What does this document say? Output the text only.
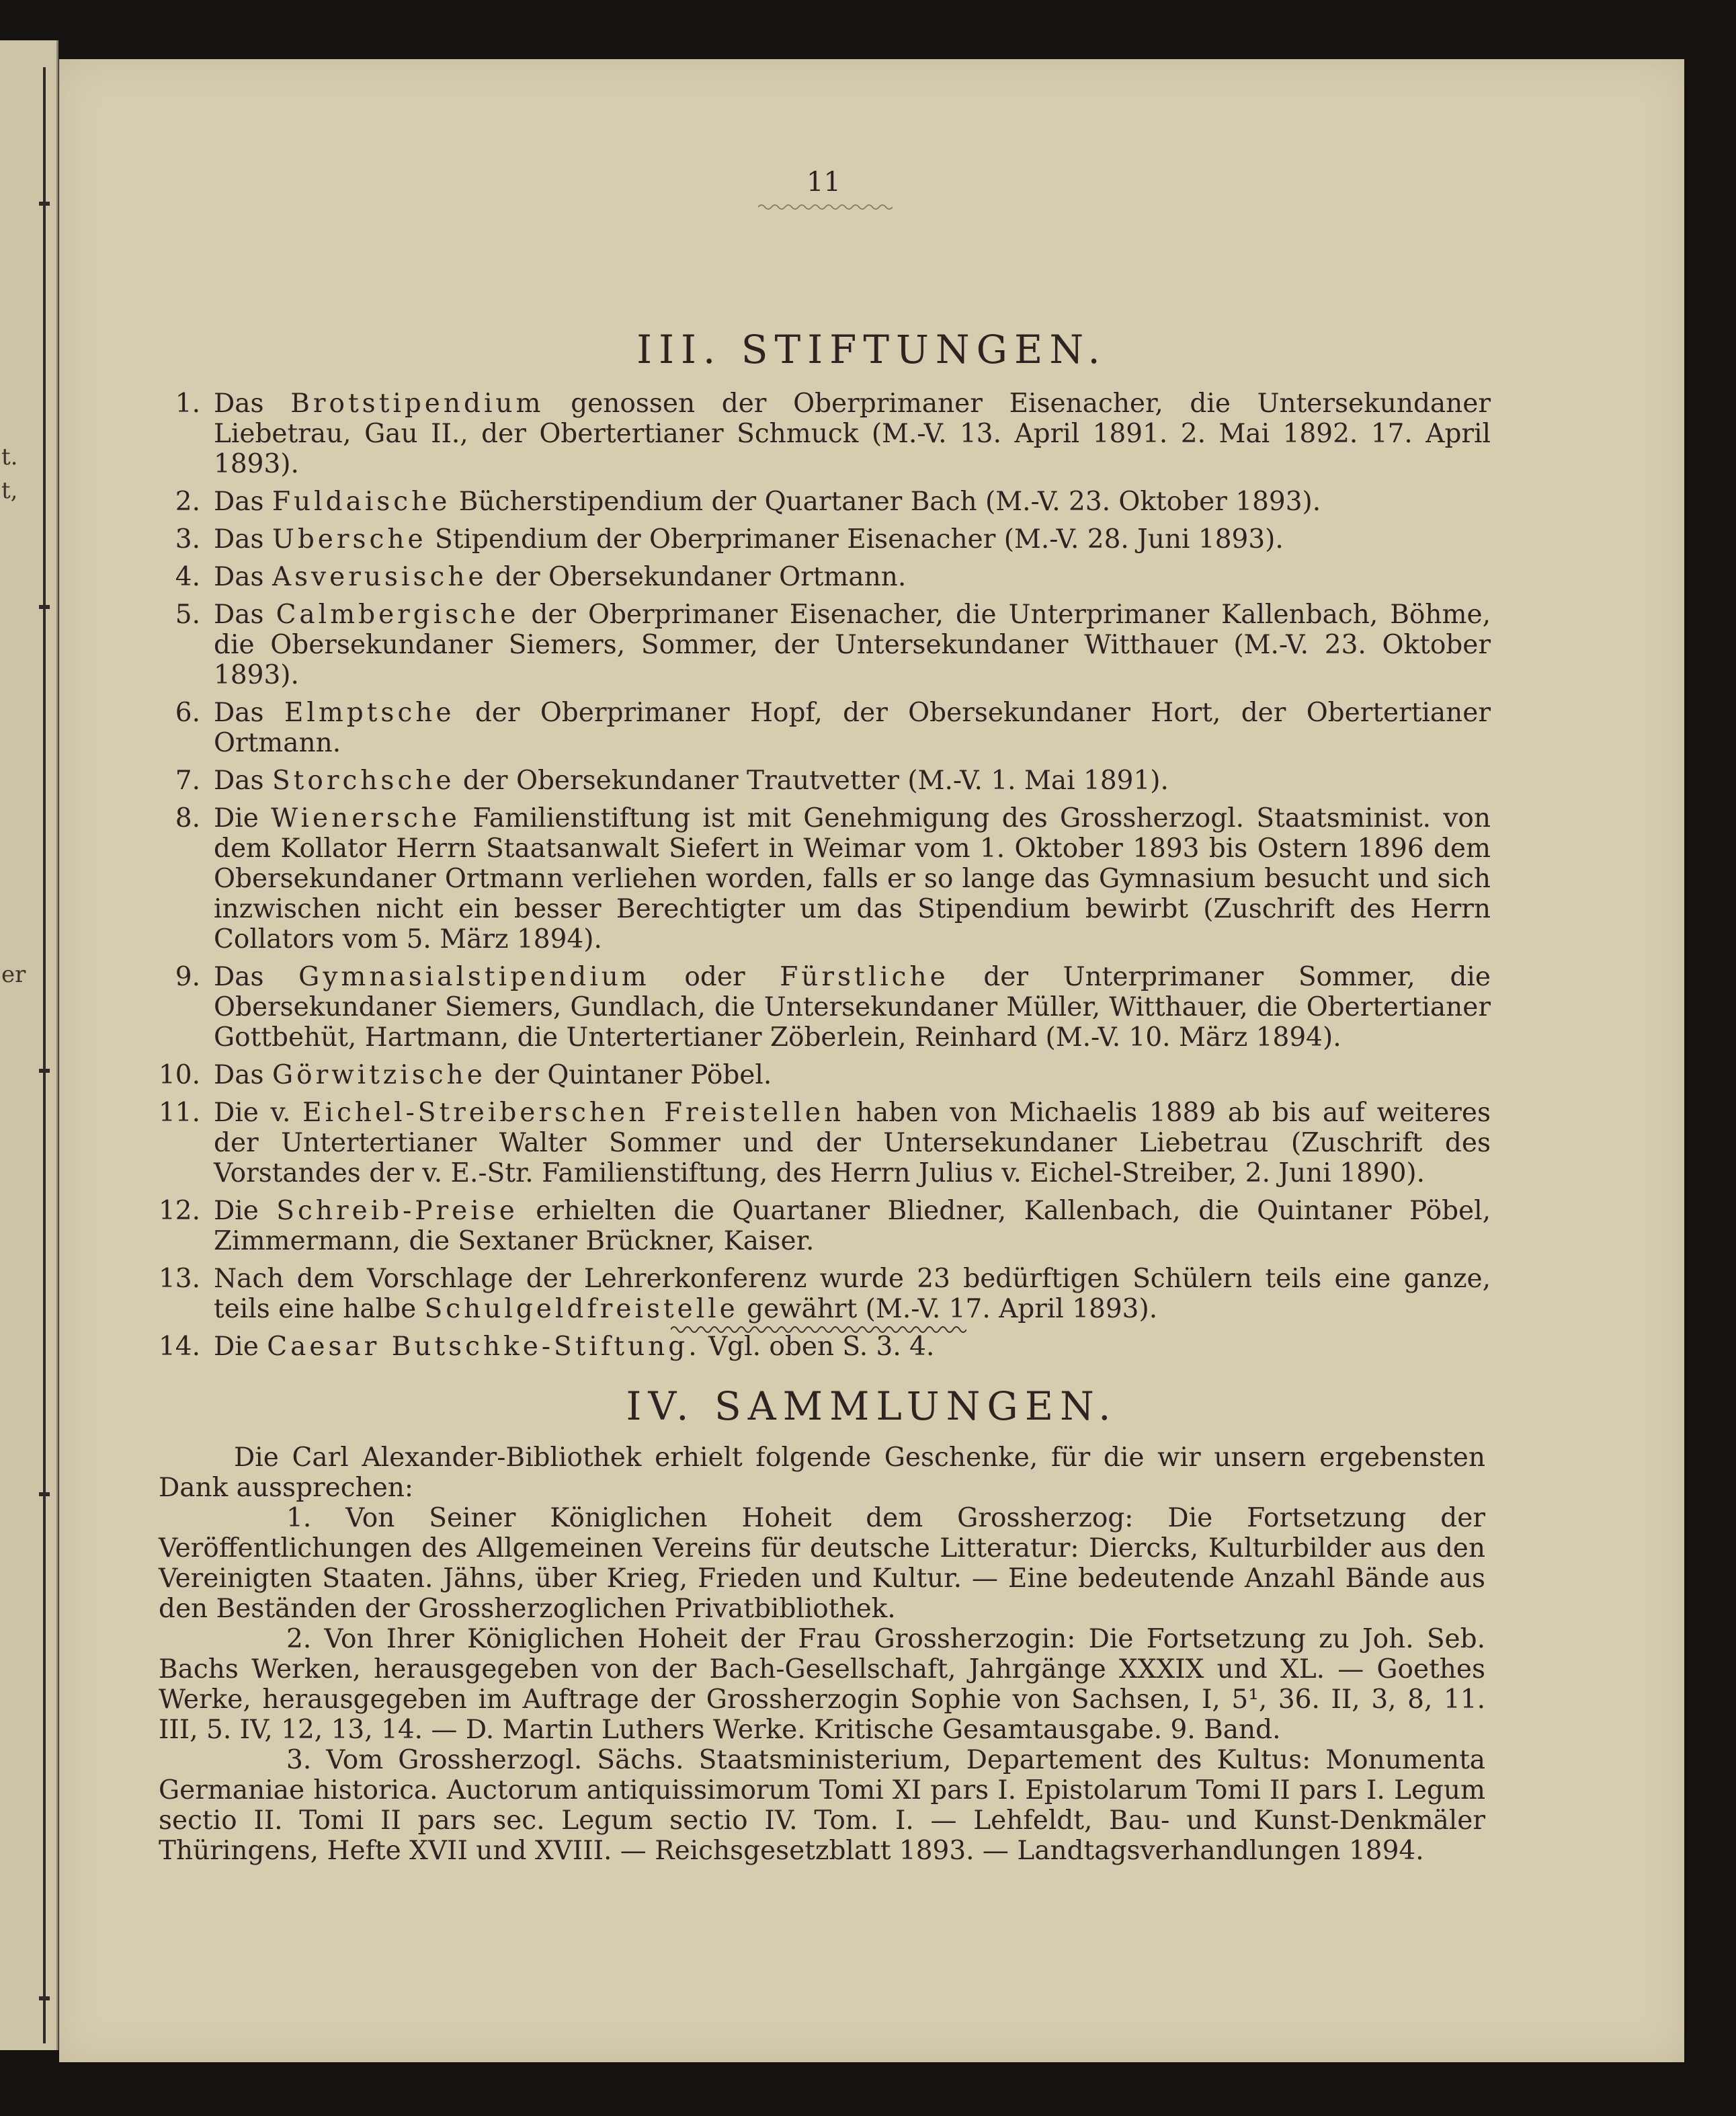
t.
t,
er
11
III. STIFTUNGEN.
1. Das Brotstipendium genossen der Oberprimaner Eisenacher, die Untersekundaner Liebetrau, Gau II., der Obertertianer Schmuck (M.-V. 13. April 1891. 2. Mai 1892. 17. April 1893).
2. Das Fuldaische Bücherstipendium der Quartaner Bach (M.-V. 23. Oktober 1893).
3. Das Ubersche Stipendium der Oberprimaner Eisenacher (M.-V. 28. Juni 1893).
4. Das Asverusische der Obersekundaner Ortmann.
5. Das Calmbergische der Oberprimaner Eisenacher, die Unterprimaner Kallenbach, Böhme, die Obersekundaner Siemers, Sommer, der Untersekundaner Witthauer (M.-V. 23. Oktober 1893).
6. Das Elmptsche der Oberprimaner Hopf, der Obersekundaner Hort, der Obertertianer Ortmann.
7. Das Storchsche der Obersekundaner Trautvetter (M.-V. 1. Mai 1891).
8. Die Wienersche Familienstiftung ist mit Genehmigung des Grossherzogl. Staatsminist. von dem Kollator Herrn Staatsanwalt Siefert in Weimar vom 1. Oktober 1893 bis Ostern 1896 dem Obersekundaner Ortmann verliehen worden, falls er so lange das Gymnasium besucht und sich inzwischen nicht ein besser Berechtigter um das Stipendium bewirbt (Zuschrift des Herrn Collators vom 5. März 1894).
9. Das Gymnasialstipendium oder Fürstliche der Unterprimaner Sommer, die Obersekundaner Siemers, Gundlach, die Untersekundaner Müller, Witthauer, die Obertertianer Gottbehüt, Hartmann, die Untertertianer Zöberlein, Reinhard (M.-V. 10. März 1894).
10. Das Görwitzische der Quintaner Pöbel.
11. Die v. Eichel-Streiberschen Freistellen haben von Michaelis 1889 ab bis auf weiteres der Untertertianer Walter Sommer und der Untersekundaner Liebetrau (Zuschrift des Vorstandes der v. E.-Str. Familienstiftung, des Herrn Julius v. Eichel-Streiber, 2. Juni 1890).
12. Die Schreib-Preise erhielten die Quartaner Bliedner, Kallenbach, die Quintaner Pöbel, Zimmermann, die Sextaner Brückner, Kaiser.
13. Nach dem Vorschlage der Lehrerkonferenz wurde 23 bedürftigen Schülern teils eine ganze, teils eine halbe Schulgeldfreistelle gewährt (M.-V. 17. April 1893).
14. Die Caesar Butschke-Stiftung. Vgl. oben S. 3. 4.
IV. SAMMLUNGEN.

Die Carl Alexander-Bibliothek erhielt folgende Geschenke, für die wir unsern ergebensten Dank aussprechen:

1. Von Seiner Königlichen Hoheit dem Grossherzog: Die Fortsetzung der Veröffentlichungen des Allgemeinen Vereins für deutsche Litteratur: Diercks, Kulturbilder aus den Vereinigten Staaten. Jähns, über Krieg, Frieden und Kultur. — Eine bedeutende Anzahl Bände aus den Beständen der Grossherzoglichen Privatbibliothek.

2. Von Ihrer Königlichen Hoheit der Frau Grossherzogin: Die Fortsetzung zu Joh. Seb. Bachs Werken, herausgegeben von der Bach-Gesellschaft, Jahrgänge XXXIX und XL. — Goethes Werke, herausgegeben im Auftrage der Grossherzogin Sophie von Sachsen, I, 5¹, 36. II, 3, 8, 11. III, 5. IV, 12, 13, 14. — D. Martin Luthers Werke. Kritische Gesamtausgabe. 9. Band.

3. Vom Grossherzogl. Sächs. Staatsministerium, Departement des Kultus: Monumenta Germaniae historica. Auctorum antiquissimorum Tomi XI pars I. Epistolarum Tomi II pars I. Legum sectio II. Tomi II pars sec. Legum sectio IV. Tom. I. — Lehfeldt, Bau- und Kunst-Denkmäler Thüringens, Hefte XVII und XVIII. — Reichsgesetzblatt 1893. — Landtagsverhandlungen 1894.
